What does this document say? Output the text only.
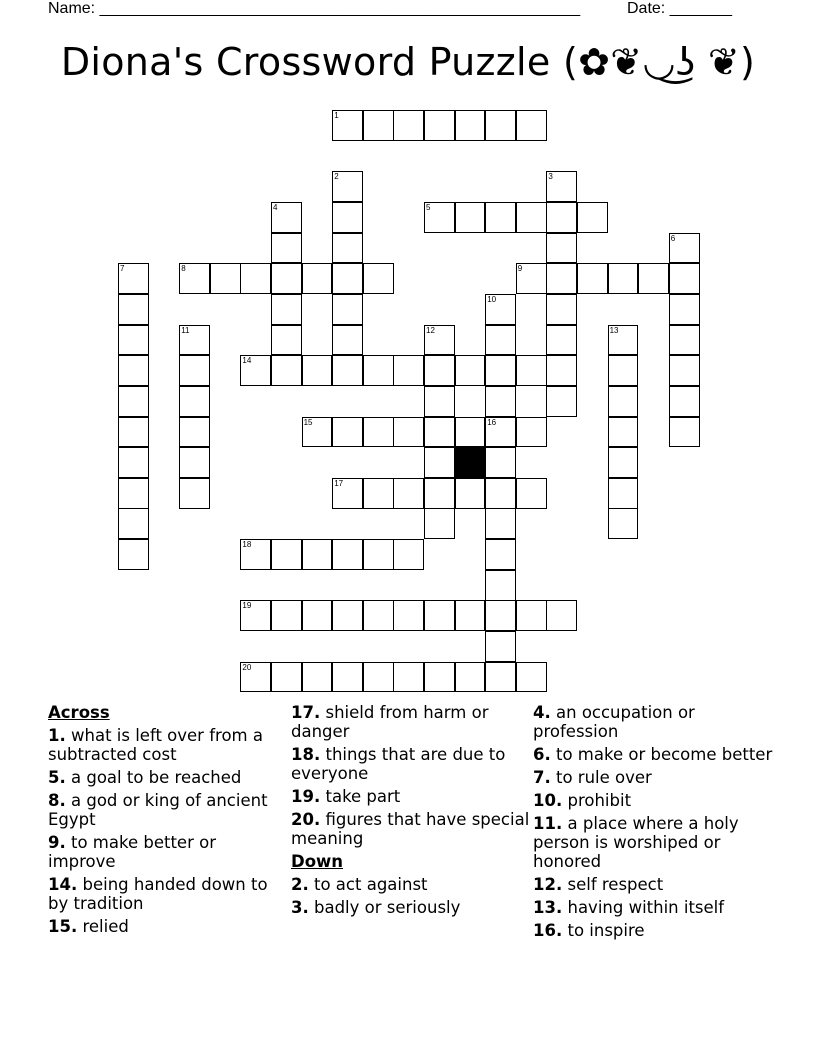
Name: ______________________________________________________	Date: _______
Diona's Crossword Puzzle (✿❦◡͜ʖ ❦)
1
2	3
4	5
6
7	8	9
10
11	12	13
14
15	16
17
18
19
20
Across
1. what is left over from a subtracted cost
5. a goal to be reached
8. a god or king of ancient Egypt
9. to make better or improve
14. being handed down to by tradition
15. relied
17. shield from harm or danger
18. things that are due to everyone
19. take part
20. figures that have special meaning
Down
2. to act against
3. badly or seriously
4. an occupation or profession
6. to make or become better
7. to rule over
10. prohibit
11. a place where a holy person is worshiped or honored
12. self respect
13. having within itself
16. to inspire
